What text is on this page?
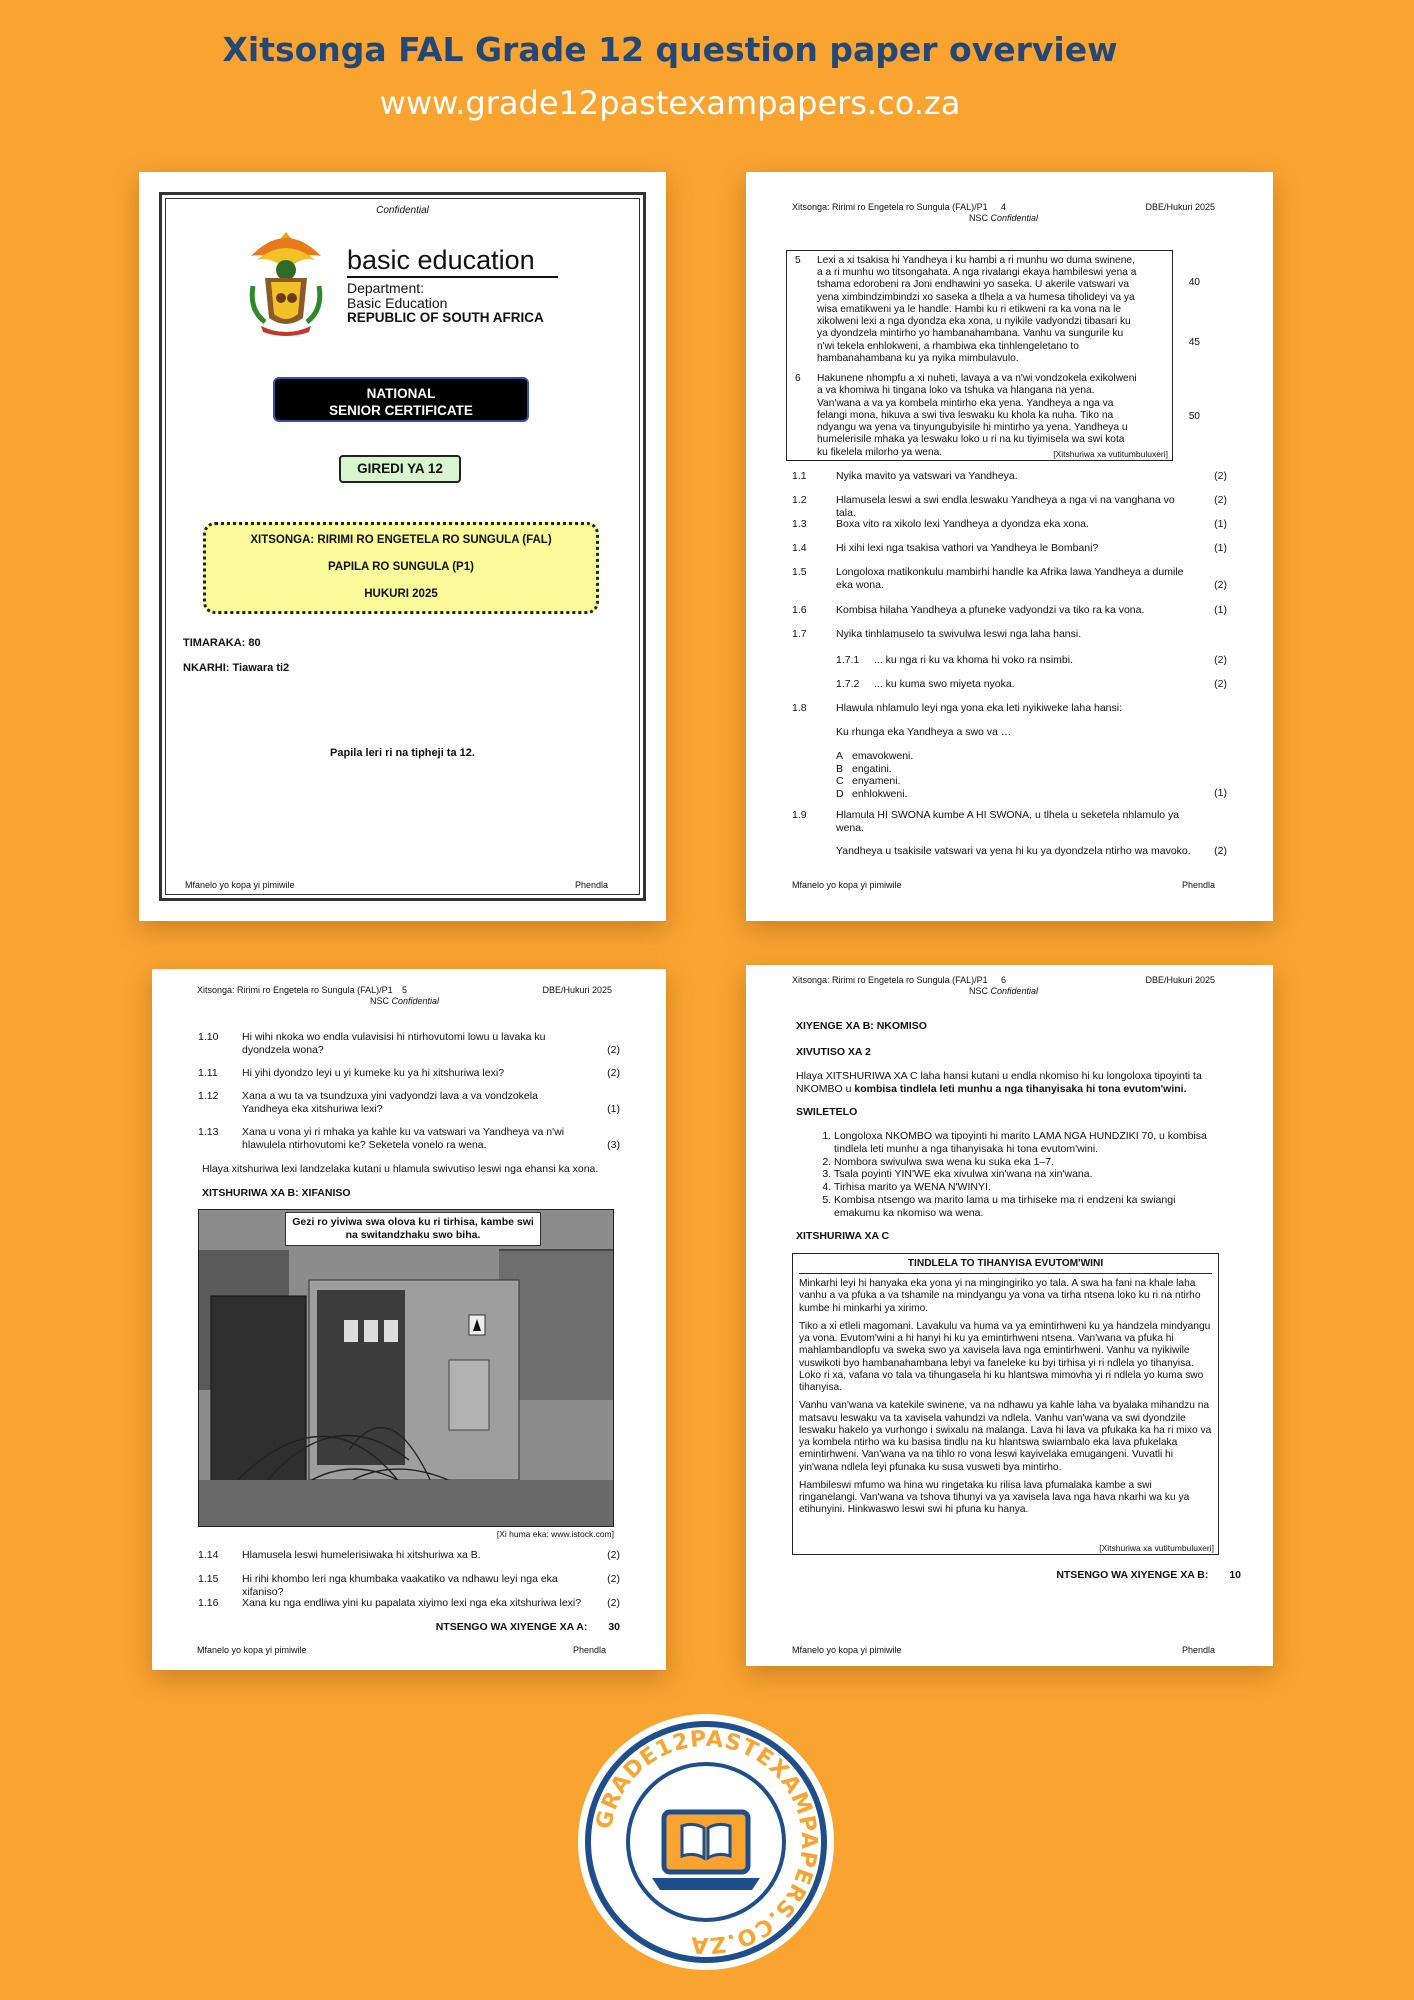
Xitsonga FAL Grade 12 question paper overview
www.grade12pastexampapers.co.za
Confidential
basic education
Department:
Basic Education
REPUBLIC OF SOUTH AFRICA
NATIONAL
SENIOR CERTIFICATE
GIREDI YA 12
XITSONGA: RIRIMI RO ENGETELA RO SUNGULA (FAL)
PAPILA RO SUNGULA (P1)
HUKURI 2025
TIMARAKA: 80
NKARHI: Tiawara ti2
Papila leri ri na tipheji ta 12.
Mfanelo yo kopa yi pimiwile	Phendla
Xitsonga: Ririmi ro Engetela ro Sungula (FAL)/P1	4
NSC Confidential
DBE/Hukuri 2025
5 Lexi a xi tsakisa hi Yandheya i ku hambi a ri munhu wo duma swinene, a a ri munhu wo titsongahata. A nga rivalangi ekaya hambileswi yena a tshama edorobeni ra Joni endhawini yo saseka. U akerile vatswari va yena ximbindzimbindzi xo saseka a tlhela a va humesa tiholideyi va ya wisa ematikweni ya le handle. Hambi ku ri etikweni ra ka vona na le xikolweni lexi a nga dyondza eka xona, u nyikile vadyondzi tibasari ku ya dyondzela mintirho yo hambanahambana. Vanhu va sungurile ku n'wi tekela enhlokweni, a rhambiwa eka tinhlengeletano to hambanahambana ku ya nyika mimbulavulo.
6 Hakunene nhompfu a xi nuheti, lavaya a va n'wi vondzokela exikolweni a va khomiwa hi tingana loko va tshuka va hlangana na yena. Van'wana a va ya kombela mintirho eka yena. Yandheya a nga va felangi mona, hikuva a swi tiva leswaku ku khola ka nuha. Tiko na ndyangu wa yena va tinyungubyisile hi mintirho ya yena. Yandheya u humelerisile mhaka ya leswaku loko u ri na ku tiyimisela wa swi kota ku fikelela milorho ya wena.
40
45
50
[Xitshuriwa xa vutitumbuluxeri]
1.1	Nyika mavito ya vatswari va Yandheya.	(2)
1.2	Hlamusela leswi a swi endla leswaku Yandheya a nga vi na vanghana vo tala.
(2)
1.3	Boxa vito ra xikolo lexi Yandheya a dyondza eka xona.	(1)
1.4	Hi xihi lexi nga tsakisa vathori va Yandheya le Bombani?	(1)
1.5	Longoloxa matikonkulu mambirhi handle ka Afrika lawa Yandheya a dumile eka wona.	(2)
1.6	Kombisa hilaha Yandheya a pfuneke vadyondzi va tiko ra ka vona.	(1)
1.7	Nyika tinhlamuselo ta swivulwa leswi nga laha hansi.
1.7.1 ... ku nga ri ku va khoma hi voko ra nsimbi.	(2)
1.7.2 ... ku kuma swo miyeta nyoka.	(2)
1.8	Hlawula nhlamulo leyi nga yona eka leti nyikiweke laha hansi:
Ku rhunga eka Yandheya a swo va …
A emavokweni.
B engatini.
C enyameni.
D enhlokweni.	(1)
1.9	Hlamula HI SWONA kumbe A HI SWONA, u tlhela u seketela nhlamulo ya wena.
Yandheya u tsakisile vatswari va yena hi ku ya dyondzela ntirho wa mavoko. (2)
Mfanelo yo kopa yi pimiwile	Phendla
Xitsonga: Ririmi ro Engetela ro Sungula (FAL)/P1	5
NSC Confidential
DBE/Hukuri 2025
1.10 Hi wihi nkoka wo endla vulavisisi hi ntirhovutomi lowu u lavaka ku dyondzela wona?	(2)
1.11 Hi yihi dyondzo leyi u yi kumeke ku ya hi xitshuriwa lexi?	(2)
1.12 Xana a wu ta va tsundzuxa yini vadyondzi lava a va vondzokela Yandheya eka xitshuriwa lexi?	(1)
1.13 Xana u vona yi ri mhaka ya kahle ku va vatswari va Yandheya va n'wi hlawulela ntirhovutomi ke? Seketela vonelo ra wena.	(3)
Hlaya xitshuriwa lexi landzelaka kutani u hlamula swivutiso leswi nga ehansi ka xona.
XITSHURIWA XA B: XIFANISO
Gezi ro yiviwa swa olova ku ri tirhisa, kambe swi na switandzhaku swo biha.
[Xi huma eka: www.istock.com]
1.14 Hlamusela leswi humelerisiwaka hi xitshuriwa xa B.	(2)
1.15 Hi rihi khombo leri nga khumbaka vaakatiko va ndhawu leyi nga eka xifaniso?
(2)
1.16 Xana ku nga endliwa yini ku papalata xiyimo lexi nga eka xitshuriwa lexi? (2)
NTSENGO WA XIYENGE XA A: 30
Mfanelo yo kopa yi pimiwile	Phendla
Xitsonga: Ririmi ro Engetela ro Sungula (FAL)/P1	6
NSC Confidential
DBE/Hukuri 2025
XIYENGE XA B: NKOMISO
XIVUTISO XA 2
Hlaya XITSHURIWA XA C laha hansi kutani u endla nkomiso hi ku longoloxa tipoyinti ta NKOMBO u kombisa tindlela leti munhu a nga tihanyisaka hi tona evutom'wini.
SWILETELO
1. Longoloxa NKOMBO wa tipoyinti hi marito LAMA NGA HUNDZIKI 70, u kombisa tindlela leti munhu a nga tihanyisaka hi tona evutom'wini.
2. Nombora swivulwa swa wena ku suka eka 1–7.
3. Tsala poyinti YIN'WE eka xivulwa xin'wana na xin'wana.
4. Tirhisa marito ya WENA N'WINYI.
5. Kombisa ntsengo wa marito lama u ma tirhiseke ma ri endzeni ka swiangi emakumu ka nkomiso wa wena.
XITSHURIWA XA C
TINDLELA TO TIHANYISA EVUTOM'WINI

Minkarhi leyi hi hanyaka eka yona yi na mingingiriko yo tala. A swa ha fani na khale laha vanhu a va pfuka a va tshamile na mindyangu ya vona va tirha ntsena loko ku ri na ntirho kumbe hi minkarhi ya xirimo.

Tiko a xi etleli magomani. Lavakulu va huma va ya emintirhweni ku ya handzela mindyangu ya vona. Evutom'wini a hi hanyi hi ku ya emintirhweni ntsena. Van'wana va pfuka hi mahlambandlopfu va sweka swo ya xavisela lava nga emintirhweni. Vanhu va nyikiwile vuswikoti byo hambanahambana lebyi va faneleke ku byi tirhisa yi ri ndlela yo tihanyisa. Loko ri xa, vafana vo tala va tihungasela hi ku hlantswa mimovha yi ri ndlela yo kuma swo tihanyisa.

Vanhu van'wana va katekile swinene, va na ndhawu ya kahle laha va byalaka mihandzu na matsavu leswaku va ta xavisela vahundzi va ndlela. Vanhu van'wana va swi dyondzile leswaku hakelo ya vurhongo i swixalu na malanga. Lava hi lava va pfukaka ka ha ri mixo va ya kombela ntirho wa ku basisa tindlu na ku hlantswa swiambalo eka lava pfukelaka emintirhweni. Van'wana va na tihlo ro vona leswi kayivelaka emugangeni. Vuvatli hi yin'wana ndlela leyi pfunaka ku susa vusweti bya mintirho.

Hambileswi mfumo wa hina wu ringetaka ku rilisa lava pfumalaka kambe a swi ringanelangi. Van'wana va tshova tihunyi va ya xavisela lava nga hava nkarhi wa ku ya etihunyini. Hinkwaswo leswi swi hi pfuna ku hanya.

[Xitshuriwa xa vutitumbuluxeri]
NTSENGO WA XIYENGE XA B: 10
Mfanelo yo kopa yi pimiwile	Phendla
GRADE12PASTEXAMPAPERS.CO.ZA
